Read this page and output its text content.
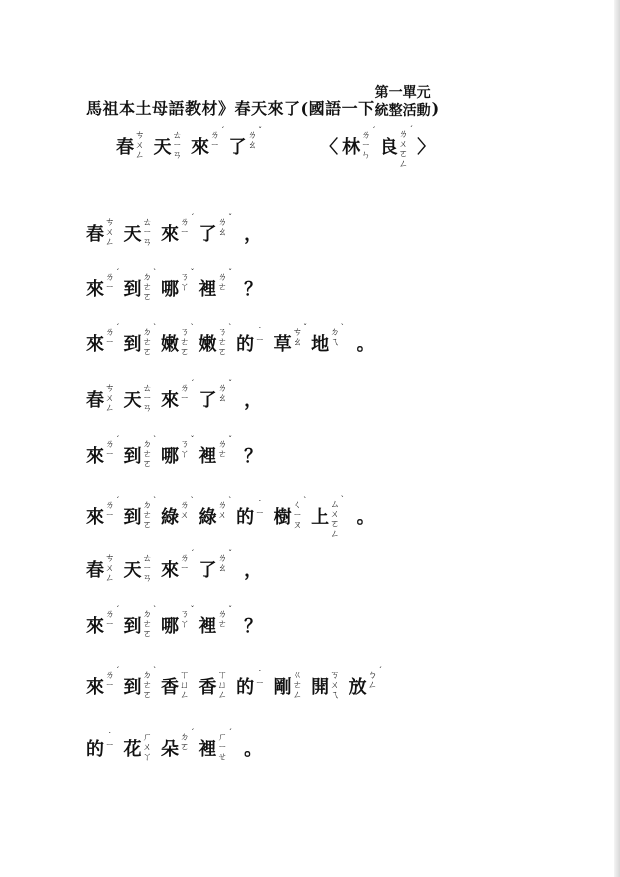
馬祖本土母語教材》春天來了(國語一下
第一單元
統整活動 )
春
ㄘ
ㄨ
ㄥ 天
ㄊ
ㄧ
ㄢ 來
ㄌ
ㄧ
ˊ
了
ㄌ
ㄠ
ˇ
〈 林
ㄌ
ㄧ
ㄣ
ˊ
良
ㄌ
ㄨ
ㄛ
ㄥ
ˊ
〉
春
ㄘ
ㄨ
ㄥ 天
ㄊ
ㄧ
ㄢ 來
ㄌ
ㄧ
ˊ
了
ㄌ
ㄠ
ˇ
，
來
ㄌ
ㄧ
ˊ
到
ㄉ
ㄜ
ㄛ
ˋ
哪
ㄋ
ㄚ
ˇ
裡
ㄌ
ㄜ
ˇ
？
來
ㄌ
ㄧ
ˊ
到
ㄉ
ㄜ
ㄛ
ˋ
嫩
ㄋ
ㄜ
ㄛ
ˋ
嫩
ㄋ
ㄜ
ㄛ
ˋ
的
˙
ㄧ 草
ㄘ
ㄠ
ˇ
地
ㄉ
ㄟ
ˋ
。
春
ㄘ
ㄨ
ㄥ 天
ㄊ
ㄧ
ㄢ 來
ㄌ
ㄧ
ˊ
了
ㄌ
ㄠ
ˇ
，
來
ㄌ
ㄧ
ˊ
到
ㄉ
ㄜ
ㄛ
ˋ
哪
ㄋ
ㄚ
ˇ
裡
ㄌ
ㄜ
ˇ
？
來
ㄌ
ㄧ
ˊ
到
ㄉ
ㄜ
ㄛ
ˋ
綠
ㄌ
ㄨ
ˋ
綠
ㄌ
ㄨ
ˋ
的
˙
ㄧ 樹
ㄑ
ㄧ
ㄡ
ˋ
上
ㄙ
ㄨ
ㄛ
ㄥ
ˋ
。
春
ㄘ
ㄨ
ㄥ 天
ㄊ
ㄧ
ㄢ 來
ㄌ
ㄧ
ˊ
了
ㄌ
ㄠ
ˇ
，
來
ㄌ
ㄧ
ˊ
到
ㄉ
ㄜ
ㄛ
ˋ
哪
ㄋ
ㄚ
ˇ
裡
ㄌ
ㄜ
ˇ
？
來
ㄌ
ㄧ
ˊ
到
ㄉ
ㄜ
ㄛ
ˋ
香
ㄒ
ㄩ
ㄥ 香
ㄒ
ㄩ
ㄥ 的
˙
ㄧ 剛
ㄍ
ㄜ
ㄥ 開
ㄎ
ㄨ
ㄟ 放
ㄅ
ㄥ
ˊ
的
˙
ㄧ 花
ㄏ
ㄨ
ㄚ 朵
ㄉ
ㄛ
ˊ
裡
ㄏ
ㄧ
ㄝ
ˊ
。
